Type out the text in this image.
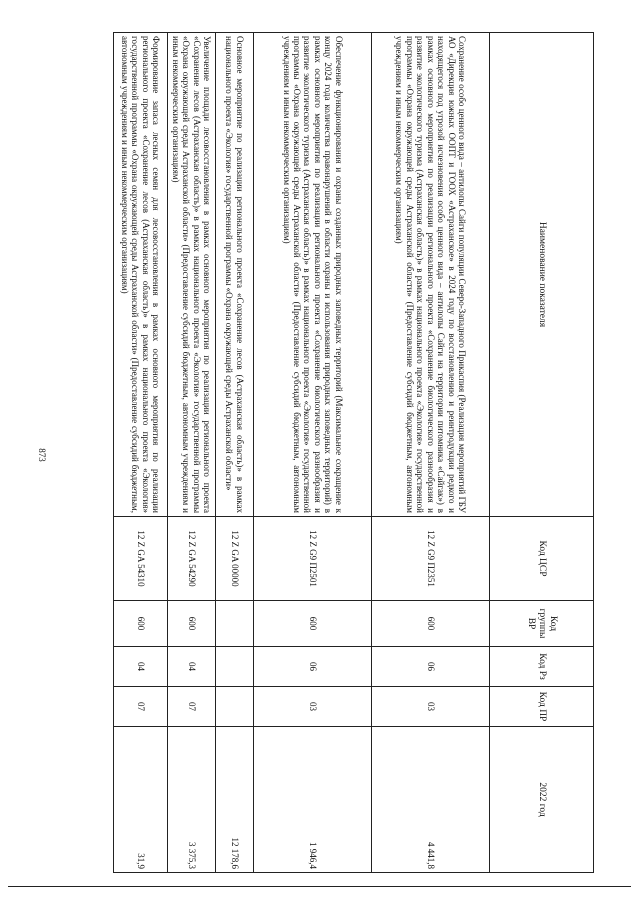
873
Наименование показателя	Код ЦСР	Код группы ВР	Код Рз	Код ПР	2022 год
Сохранение особо ценного вида – антилопы Сайги популяции Северо-Западного Прикаспия (Реализация мероприятий ГБУ АО «Дирекция южных ООПТ и ГООХ «Астраханское» в 2024 году по восстановлению и реинтродукции редкого и находящегося под угрозой исчезновения особо ценного вида – антилопы Сайги на территории питомника «Сайгак») в рамках основного мероприятия по реализации регионального проекта «Сохранение биологического разнообразия и развитие экологического туризма (Астраханская область)» в рамках национального проекта «Экология» государственной программы «Охрана окружающей среды Астраханской области» (Предоставление субсидий бюджетным, автономным учреждениям и иным некоммерческим организациям)	12 Z G9 П2351	600	06	03	4 441,8
Обеспечение функционирования и охраны созданных природных заповедных территорий (Максимальное сокращение к концу 2024 года количества правонарушений в области охраны и использования природных заповедных территорий) в рамках основного мероприятия по реализации регионального проекта «Сохранение биологического разнообразия и развитие экологического туризма (Астраханская область)» в рамках национального проекта «Экология» государственной программы «Охрана окружающей среды Астраханской области» (Предоставление субсидий бюджетным, автономным учреждениям и иным некоммерческим организациям)	12 Z G9 П2501	600	06	03	1 946,4
Основное мероприятие по реализации регионального проекта «Сохранение лесов (Астраханская область)» в рамках национального проекта «Экология» государственной программы «Охрана окружающей среды Астраханской области»	12 Z GA 00000				12 178,6
Увеличение площади лесовосстановления в рамках основного мероприятия по реализации регионального проекта «Сохранение лесов (Астраханская область)» в рамках национального проекта «Экология» государственной программы «Охрана окружающей среды Астраханской области» (Предоставление субсидий бюджетным, автономным учреждениям и иным некоммерческим организациям)	12 Z GA 54290	600	04	07	3 375,3
Формирование запаса лесных семян для лесовосстановления в рамках основного мероприятия по реализации регионального проекта «Сохранение лесов (Астраханская область)» в рамках национального проекта «Экология» государственной программы «Охрана окружающей среды Астраханской области» (Предоставление субсидий бюджетным, автономным учреждениям и иным некоммерческим организациям)	12 Z GA 54310	600	04	07	31,9
